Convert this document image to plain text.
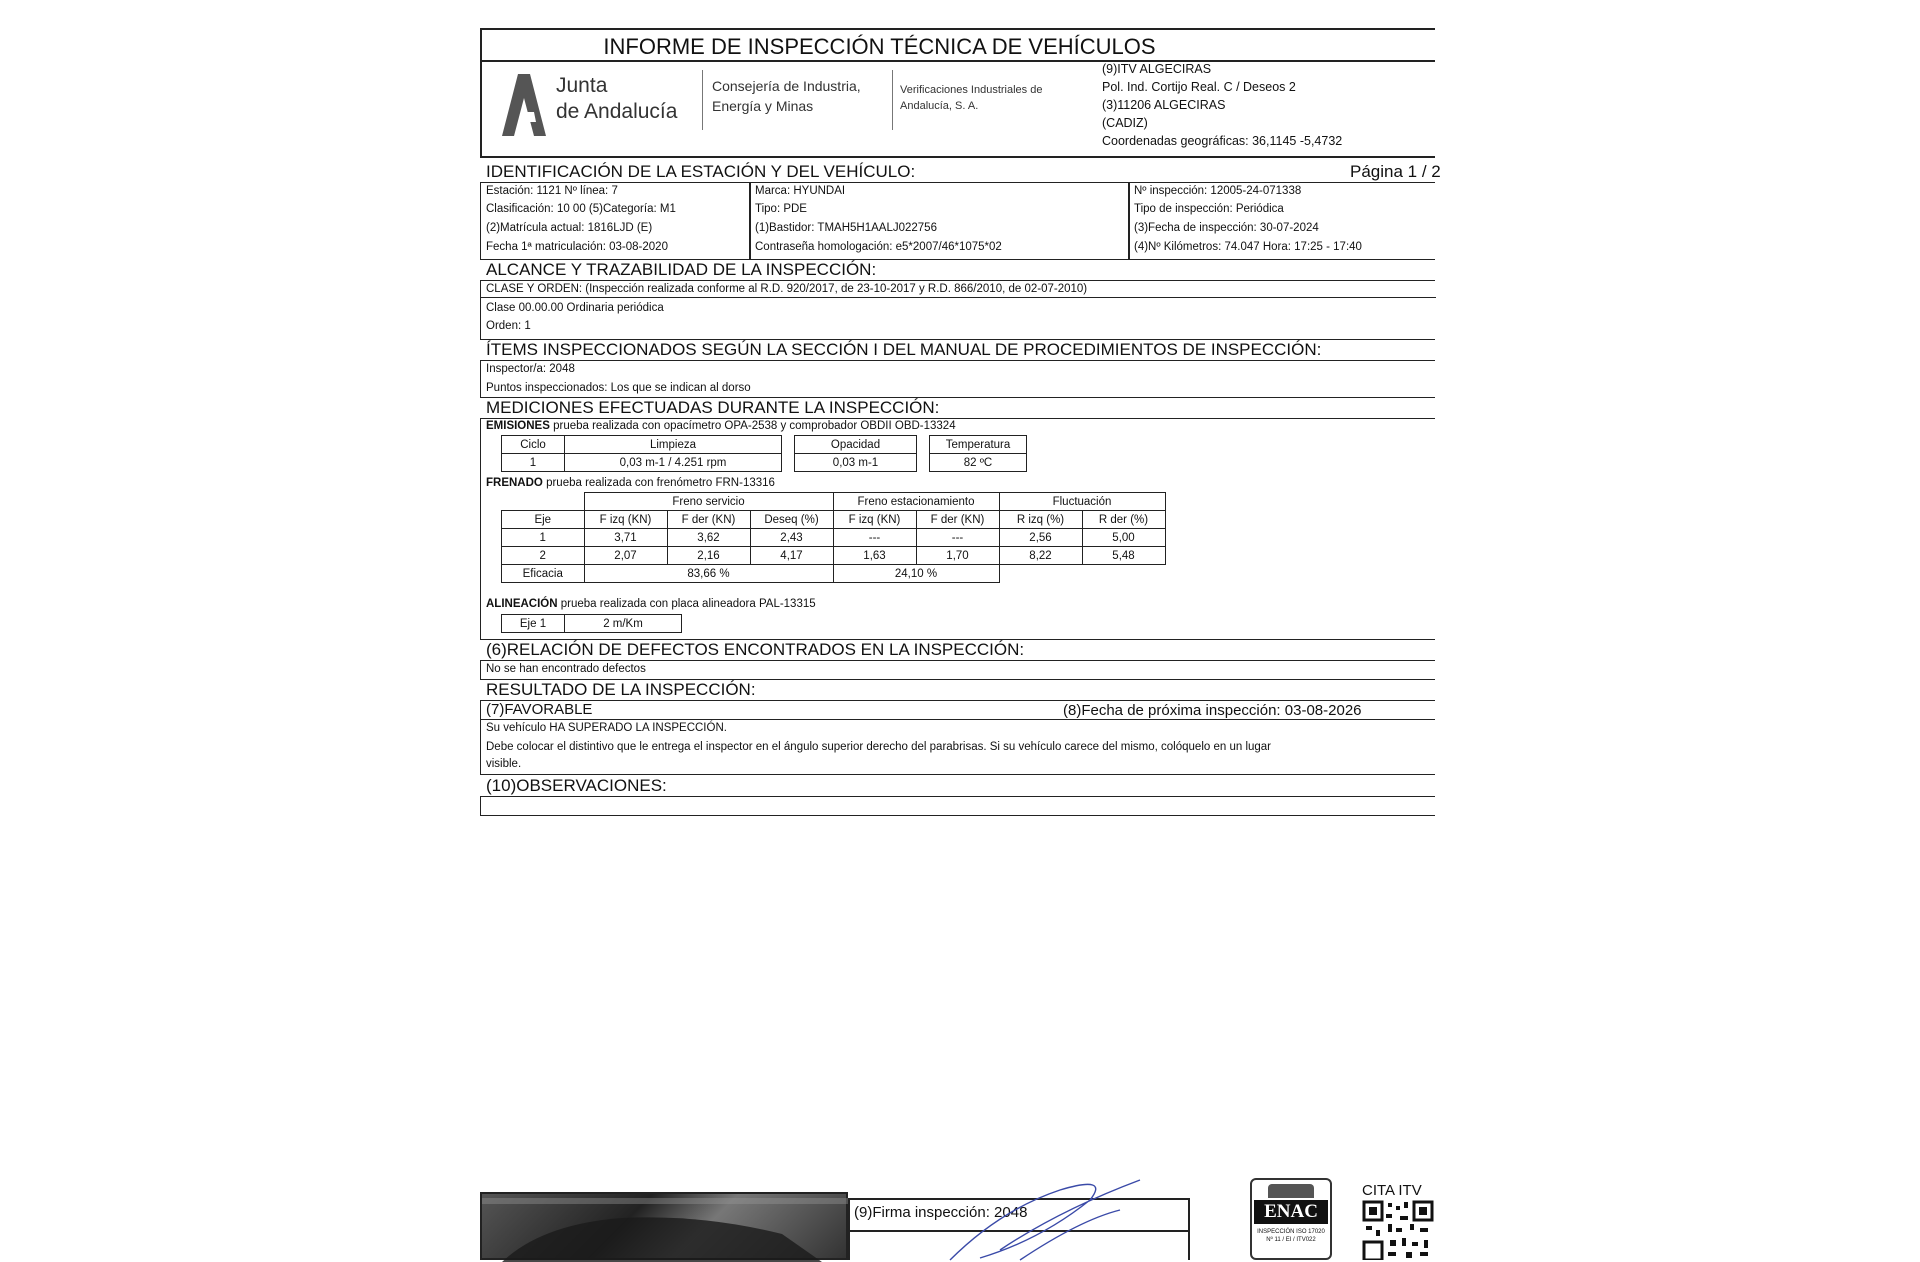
INFORME DE INSPECCIÓN TÉCNICA DE VEHÍCULOS
Junta
de Andalucía
Consejería de Industria,
Energía y Minas
Verificaciones Industriales de
Andalucía, S. A.
(9)ITV ALGECIRAS
Pol. Ind. Cortijo Real. C / Deseos 2
(3)11206 ALGECIRAS
(CADIZ)
Coordenadas geográficas: 36,1145 -5,4732
IDENTIFICACIÓN DE LA ESTACIÓN Y DEL VEHÍCULO:	Página 1 / 2
Estación: 1121 Nº línea: 7
Clasificación: 10 00 (5)Categoría: M1
(2)Matrícula actual: 1816LJD (E)
Fecha 1ª matriculación: 03-08-2020
Marca: HYUNDAI
Tipo: PDE
(1)Bastidor: TMAH5H1AALJ022756
Contraseña homologación: e5*2007/46*1075*02
Nº inspección: 12005-24-071338
Tipo de inspección: Periódica
(3)Fecha de inspección: 30-07-2024
(4)Nº Kilómetros: 74.047 Hora: 17:25 - 17:40
ALCANCE Y TRAZABILIDAD DE LA INSPECCIÓN:
CLASE Y ORDEN: (Inspección realizada conforme al R.D. 920/2017, de 23-10-2017 y R.D. 866/2010, de 02-07-2010)
Clase 00.00.00 Ordinaria periódica
Orden: 1
ÍTEMS INSPECCIONADOS SEGÚN LA SECCIÓN I DEL MANUAL DE PROCEDIMIENTOS DE INSPECCIÓN:
Inspector/a: 2048
Puntos inspeccionados: Los que se indican al dorso
MEDICIONES EFECTUADAS DURANTE LA INSPECCIÓN:
EMISIONES prueba realizada con opacímetro OPA-2538 y comprobador OBDII OBD-13324
Ciclo	Limpieza		Opacidad		Temperatura
1	0,03 m-1 / 4.251 rpm		0,03 m-1		82 ºC
FRENADO prueba realizada con frenómetro FRN-13316
	Freno servicio			Freno estacionamiento		Fluctuación	
Eje	F izq (KN)	F der (KN)	Deseq (%)	F izq (KN)	F der (KN)	R izq (%)	R der (%)
1	3,71	3,62	2,43	---	---	2,56	5,00
2	2,07	2,16	4,17	1,63	1,70	8,22	5,48
Eficacia	83,66 %			24,10 %			
ALINEACIÓN prueba realizada con placa alineadora PAL-13315
Eje 1	2 m/Km
(6)RELACIÓN DE DEFECTOS ENCONTRADOS EN LA INSPECCIÓN:
No se han encontrado defectos
RESULTADO DE LA INSPECCIÓN:
(7)FAVORABLE	(8)Fecha de próxima inspección: 03-08-2026
Su vehículo HA SUPERADO LA INSPECCIÓN.
Debe colocar el distintivo que le entrega el inspector en el ángulo superior derecho del parabrisas. Si su vehículo carece del mismo, colóquelo en un lugar
visible.
(10)OBSERVACIONES:
(9)Firma inspección: 2048	ENAC
INSPECCIÓN ISO 17020 Nº 11 / EI / ITV022
CITA ITV
